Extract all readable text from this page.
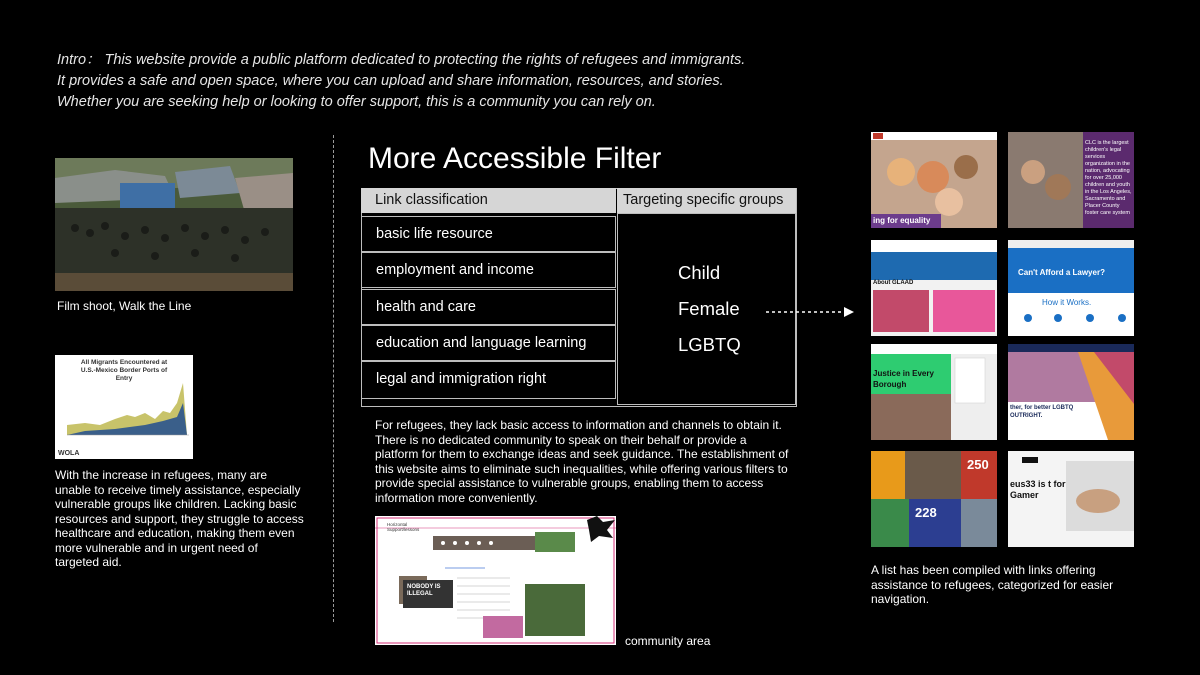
Intro： This website provide a public platform dedicated to protecting the rights of refugees and immigrants.
It provides a safe and open space, where you can upload and share information, resources, and stories.
Whether you are seeking help or looking to offer support, this is a community you can rely on.
Film shoot, Walk the Line
All Migrants Encountered at U.S.-Mexico Border Ports of Entry
WOLA
With the increase in refugees, many are unable to receive timely assistance, especially vulnerable groups like children. Lacking basic resources and support, they struggle to access healthcare and education, making them even more vulnerable and in urgent need of targeted aid.
More Accessible Filter
Link classification	Targeting specific groups
basic life resource
employment and income
health and care
education and language learning
legal and immigration right
Child
Female
LGBTQ
For refugees, they lack basic access to information and channels to obtain it. There is no dedicated community to speak on their behalf or provide a platform for them to exchange ideas and seek guidance. The establishment of this website aims to eliminate such inequalities, while offering various filters to provide special assistance to vulnerable groups, enabling them to access information more conveniently.
Horizontal Support/lessons
NOBODY IS ILLEGAL
community area
ing for equality
CLC is the largest children's legal services organization in the nation, advocating for over 25,000 children and youth in the Los Angeles, Sacramento and Placer County foster care system
About GLAAD
Can't Afford a Lawyer?
How it Works.
Justice in Every Borough
ther, for better LGBTQ OUTRIGHT.
250
228
eus33 is t for Gamer
A list has been compiled with links offering assistance to refugees, categorized for easier navigation.
